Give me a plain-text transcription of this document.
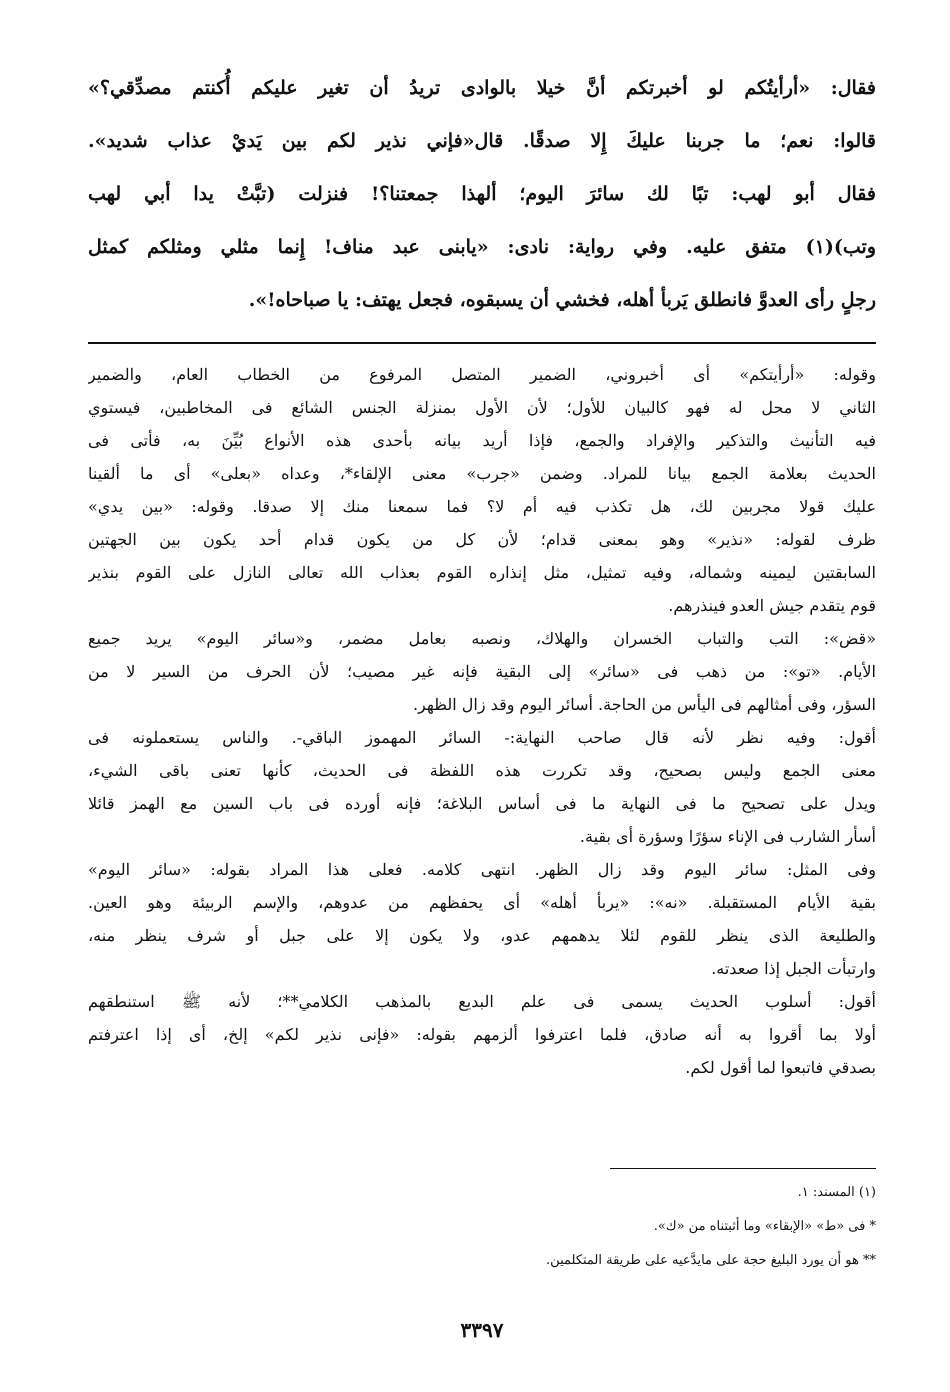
فقال: «أرأيتُكم لو أخبرتكم أنَّ خيلا بالوادى تريدُ أن تغير عليكم أُكنتم مصدِّقي؟»
قالوا: نعم؛ ما جربنا عليكَ إِلا صدقًا. قال«فإني نذير لكم بين يَديْ عذاب شديد».
فقال أبو لهب: تبًا لك سائرَ اليوم؛ ألهذا جمعتنا؟! فنزلت (تبَّتْ يدا أبي لهب
وتب)(١) متفق عليه. وفي رواية: نادى: «يابنى عبد مناف! إِنما مثلي ومثلكم كمثل
رجلٍ رأى العدوَّ فانطلق يَربأ أهله، فخشي أن يسبقوه، فجعل يهتف: يا صباحاه!».
وقوله: «أرأيتكم» أى أخبروني، الضمير المتصل المرفوع من الخطاب العام، والضمير
الثاني لا محل له فهو كالبيان للأول؛ لأن الأول بمنزلة الجنس الشائع فى المخاطبين، فيستوي
فيه التأنيث والتذكير والإفراد والجمع، فإذا أريد بيانه بأحدى هذه الأنواع بُيِّنَ به، فأتى فى
الحديث بعلامة الجمع بيانا للمراد. وضمن «جرب» معنى الإلقاء*، وعداه «بعلى» أى ما ألقينا
عليك قولا مجربين لك، هل تكذب فيه أم لا؟ فما سمعنا منك إلا صدقا. وقوله: «بين يدي»
ظرف لقوله: «نذير» وهو بمعنى قدام؛ لأن كل من يكون قدام أحد يكون بين الجهتين
السابقتين ليمينه وشماله، وفيه تمثيل، مثل إنذاره القوم بعذاب الله تعالى النازل على القوم بنذير
قوم يتقدم جيش العدو فينذرهم.
«قض»: التب والتباب الخسران والهلاك، ونصبه بعامل مضمر، و«سائر اليوم» يريد جميع
الأيام. «تو»: من ذهب فى «سائر» إلى البقية فإنه غير مصيب؛ لأن الحرف من السير لا من
السؤر، وفى أمثالهم فى اليأس من الحاجة. أسائر اليوم وقد زال الظهر.
أقول: وفيه نظر لأنه قال صاحب النهاية:- السائر المهموز الباقي-. والناس يستعملونه فى
معنى الجمع وليس بصحيح، وقد تكررت هذه اللفظة فى الحديث، كأنها تعنى باقى الشيء،
ويدل على تصحيح ما فى النهاية ما فى أساس البلاغة؛ فإنه أورده فى باب السين مع الهمز قائلا
أسأر الشارب فى الإناء سؤرًا وسؤرة أى بقية.
وفى المثل: سائر اليوم وقد زال الظهر. انتهى كلامه. فعلى هذا المراد بقوله: «سائر اليوم»
بقية الأيام المستقبلة. «نه»: «يربأ أهله» أى يحفظهم من عدوهم، والإسم الربيئة وهو العين.
والطليعة الذى ينظر للقوم لئلا يدهمهم عدو، ولا يكون إلا على جبل أو شرف ينظر منه،
وارتبأت الجبل إذا صعدته.
أقول: أسلوب الحديث يسمى فى علم البديع بالمذهب الكلامي**؛ لأنه ﷺ استنطقهم
أولا بما أقروا به أنه صادق، فلما اعترفوا ألزمهم بقوله: «فإنى نذير لكم» إلخ، أى إذا اعترفتم
بصدقي فاتبعوا لما أقول لكم.
(١) المسند: ١.
* فى «ط» «الإبقاء» وما أثبتناه من «ك».
** هو أن يورد البليغ حجة على مايدَّعيه على طريقة المتكلمين.
٣٣٩٧
